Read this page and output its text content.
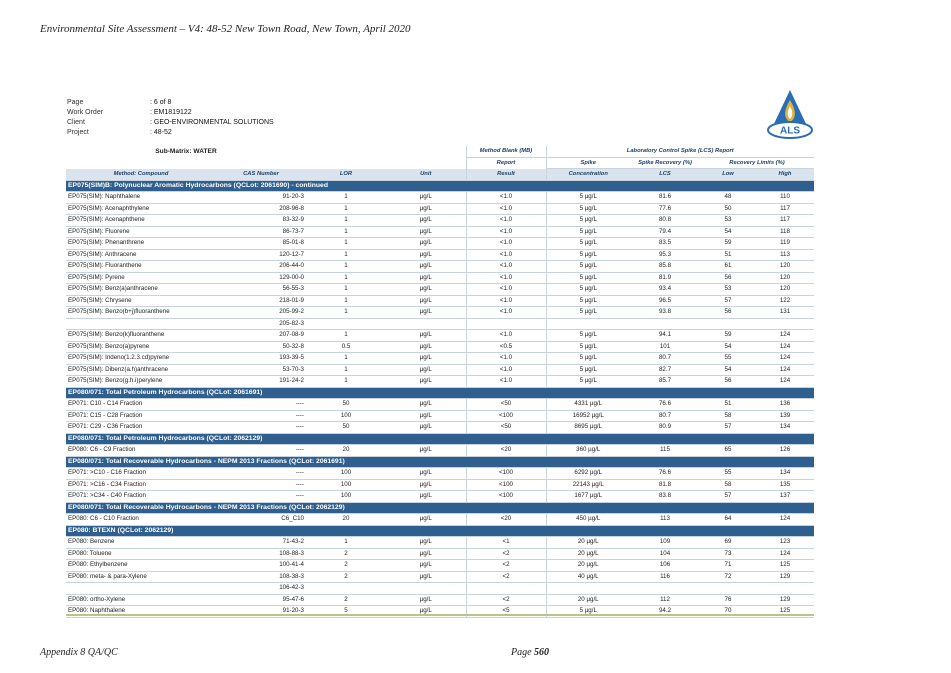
Environmental Site Assessment – V4: 48-52 New Town Road, New Town, April 2020
Page	: 6 of 8
Work Order	: EM1819122
Client	: GEO-ENVIRONMENTAL SOLUTIONS
Project	: 48-52	ALS
Sub-Matrix: WATER				Method Blank (MB)	Laboratory Control Spike (LCS) Report			
				Report	Spike	Spike Recovery (%)	Recovery Limits (%)	
Method: Compound	CAS Number	LOR	Unit	Result	Concentration	LCS	Low	High
EP075(SIM)B: Polynuclear Aromatic Hydrocarbons (QCLot: 2061690) - continued								
EP075(SIM): Naphthalene	91-20-3	1	µg/L	<1.0	5 µg/L	81.6	48	110
EP075(SIM): Acenaphthylene	208-96-8	1	µg/L	<1.0	5 µg/L	77.6	50	117
EP075(SIM): Acenaphthene	83-32-9	1	µg/L	<1.0	5 µg/L	80.8	53	117
EP075(SIM): Fluorene	86-73-7	1	µg/L	<1.0	5 µg/L	79.4	54	118
EP075(SIM): Phenanthrene	85-01-8	1	µg/L	<1.0	5 µg/L	83.5	59	119
EP075(SIM): Anthracene	120-12-7	1	µg/L	<1.0	5 µg/L	95.3	51	113
EP075(SIM): Fluoranthene	206-44-0	1	µg/L	<1.0	5 µg/L	85.8	61	120
EP075(SIM): Pyrene	129-00-0	1	µg/L	<1.0	5 µg/L	81.9	56	120
EP075(SIM): Benz(a)anthracene	56-55-3	1	µg/L	<1.0	5 µg/L	93.4	53	120
EP075(SIM): Chrysene	218-01-9	1	µg/L	<1.0	5 µg/L	96.5	57	122
EP075(SIM): Benzo(b+j)fluoranthene	205-99-2	1	µg/L	<1.0	5 µg/L	93.8	56	131
	205-82-3							
EP075(SIM): Benzo(k)fluoranthene	207-08-9	1	µg/L	<1.0	5 µg/L	94.1	59	124
EP075(SIM): Benzo(a)pyrene	50-32-8	0.5	µg/L	<0.5	5 µg/L	101	54	124
EP075(SIM): Indeno(1.2.3.cd)pyrene	193-39-5	1	µg/L	<1.0	5 µg/L	80.7	55	124
EP075(SIM): Dibenz(a.h)anthracene	53-70-3	1	µg/L	<1.0	5 µg/L	82.7	54	124
EP075(SIM): Benzo(g.h.i)perylene	191-24-2	1	µg/L	<1.0	5 µg/L	85.7	56	124
EP080/071: Total Petroleum Hydrocarbons (QCLot: 2061691)								
EP071: C10 - C14 Fraction	----	50	µg/L	<50	4331 µg/L	76.6	51	136
EP071: C15 - C28 Fraction	----	100	µg/L	<100	16952 µg/L	80.7	58	139
EP071: C29 - C36 Fraction	----	50	µg/L	<50	8695 µg/L	80.9	57	134
EP080/071: Total Petroleum Hydrocarbons (QCLot: 2062129)								
EP080: C6 - C9 Fraction	----	20	µg/L	<20	360 µg/L	115	65	126
EP080/071: Total Recoverable Hydrocarbons - NEPM 2013 Fractions (QCLot: 2061691)								
EP071: >C10 - C16 Fraction	----	100	µg/L	<100	6292 µg/L	76.6	55	134
EP071: >C16 - C34 Fraction	----	100	µg/L	<100	22143 µg/L	81.8	58	135
EP071: >C34 - C40 Fraction	----	100	µg/L	<100	1677 µg/L	83.8	57	137
EP080/071: Total Recoverable Hydrocarbons - NEPM 2013 Fractions (QCLot: 2062129)								
EP080: C6 - C10 Fraction	C6_C10	20	µg/L	<20	450 µg/L	113	64	124
EP080: BTEXN (QCLot: 2062129)								
EP080: Benzene	71-43-2	1	µg/L	<1	20 µg/L	109	69	123
EP080: Toluene	108-88-3	2	µg/L	<2	20 µg/L	104	73	124
EP080: Ethylbenzene	100-41-4	2	µg/L	<2	20 µg/L	106	71	125
EP080: meta- & para-Xylene	108-38-3	2	µg/L	<2	40 µg/L	116	72	129
	106-42-3							
EP080: ortho-Xylene	95-47-6	2	µg/L	<2	20 µg/L	112	76	129
EP080: Naphthalene	91-20-3	5	µg/L	<5	5 µg/L	94.2	70	125
Appendix 8 QA/QC	Page 560
